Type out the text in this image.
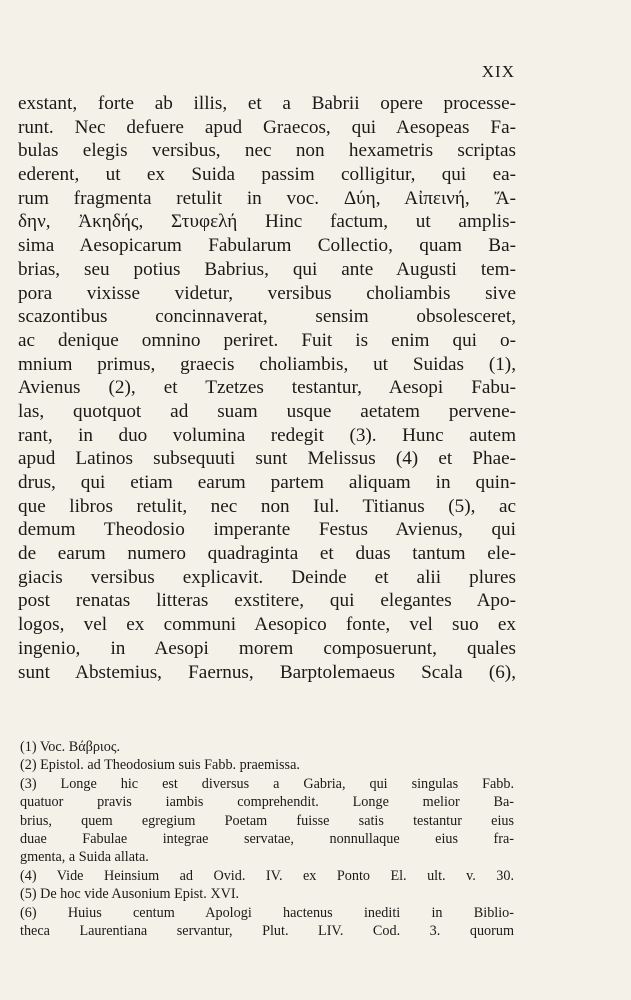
XIX
exstant, forte ab illis, et a Babrii opere processe-
runt. Nec defuere apud Graecos, qui Aesopeas Fa-
bulas elegis versibus, nec non hexametris scriptas
ederent, ut ex Suida passim colligitur, qui ea-
rum fragmenta retulit in voc. Δύη, Αἰπεινή, Ἄ-
δην, Ἀκηδής, Στυφελή Hinc factum, ut amplis-
sima Aesopicarum Fabularum Collectio, quam Ba-
brias, seu potius Babrius, qui ante Augusti tem-
pora vixisse videtur, versibus choliambis sive
scazontibus concinnaverat, sensim obsolesceret,
ac denique omnino periret. Fuit is enim qui o-
mnium primus, graecis choliambis, ut Suidas (1),
Avienus (2), et Tzetzes testantur, Aesopi Fabu-
las, quotquot ad suam usque aetatem pervene-
rant, in duo volumina redegit (3). Hunc autem
apud Latinos subsequuti sunt Melissus (4) et Phae-
drus, qui etiam earum partem aliquam in quin-
que libros retulit, nec non Iul. Titianus (5), ac
demum Theodosio imperante Festus Avienus, qui
de earum numero quadraginta et duas tantum ele-
giacis versibus explicavit. Deinde et alii plures
post renatas litteras exstitere, qui elegantes Apo-
logos, vel ex communi Aesopico fonte, vel suo ex
ingenio, in Aesopi morem composuerunt, quales
sunt Abstemius, Faernus, Barptolemaeus Scala (6),
(1) Voc. Βάβριος.
(2) Epistol. ad Theodosium suis Fabb. praemissa.
(3) Longe hic est diversus a Gabria, qui singulas Fabb.
quatuor pravis iambis comprehendit. Longe melior Ba-
brius, quem egregium Poetam fuisse satis testantur eius
duae Fabulae integrae servatae, nonnullaque eius fra-
gmenta, a Suida allata.
(4) Vide Heinsium ad Ovid. IV. ex Ponto El. ult. v. 30.
(5) De hoc vide Ausonium Epist. XVI.
(6) Huius centum Apologi hactenus inediti in Biblio-
theca Laurentiana servantur, Plut. LIV. Cod. 3. quorum
